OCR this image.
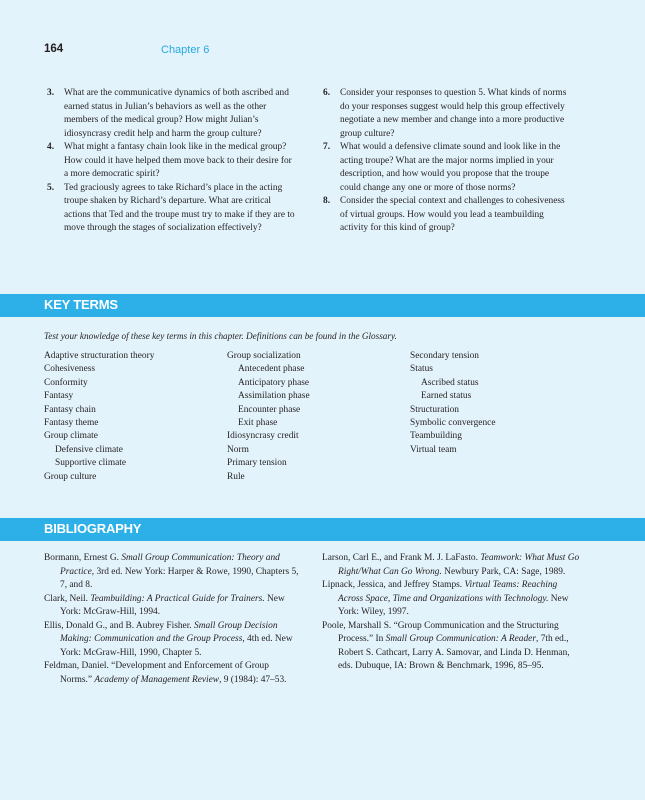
164	Chapter 6
3.	What are the communicative dynamics of both ascribed and earned status in Julian’s behaviors as well as the other members of the medical group? How might Julian’s idiosyncrasy credit help and harm the group culture?
4.	What might a fantasy chain look like in the medical group? How could it have helped them move back to their desire for a more democratic spirit?
5.	Ted graciously agrees to take Richard’s place in the acting troupe shaken by Richard’s departure. What are critical actions that Ted and the troupe must try to make if they are to move through the stages of socialization effectively?
6.	Consider your responses to question 5. What kinds of norms do your responses suggest would help this group effectively negotiate a new member and change into a more productive group culture?
7.	What would a defensive climate sound and look like in the acting troupe? What are the major norms implied in your description, and how would you propose that the troupe could change any one or more of those norms?
8.	Consider the special context and challenges to cohesiveness of virtual groups. How would you lead a teambuilding activity for this kind of group?
KEY TERMS
Test your knowledge of these key terms in this chapter. Definitions can be found in the Glossary.
Adaptive structuration theory
Cohesiveness
Conformity
Fantasy
Fantasy chain
Fantasy theme
Group climate
Defensive climate
Supportive climate
Group culture
Group socialization
Antecedent phase
Anticipatory phase
Assimilation phase
Encounter phase
Exit phase
Idiosyncrasy credit
Norm
Primary tension
Rule
Secondary tension
Status
Ascribed status
Earned status
Structuration
Symbolic convergence
Teambuilding
Virtual team
BIBLIOGRAPHY

Bormann, Ernest G. Small Group Communication: Theory and Practice, 3rd ed. New York: Harper & Rowe, 1990, Chapters 5, 7, and 8.

Clark, Neil. Teambuilding: A Practical Guide for Trainers. New York: McGraw-Hill, 1994.

Ellis, Donald G., and B. Aubrey Fisher. Small Group Decision Making: Communication and the Group Process, 4th ed. New York: McGraw-Hill, 1990, Chapter 5.

Feldman, Daniel. “Development and Enforcement of Group Norms.” Academy of Management Review, 9 (1984): 47–53.

Larson, Carl E., and Frank M. J. LaFasto. Teamwork: What Must Go Right/What Can Go Wrong. Newbury Park, CA: Sage, 1989.

Lipnack, Jessica, and Jeffrey Stamps. Virtual Teams: Reaching Across Space, Time and Organizations with Technology. New York: Wiley, 1997.

Poole, Marshall S. “Group Communication and the Structuring Process.” In Small Group Communication: A Reader, 7th ed., Robert S. Cathcart, Larry A. Samovar, and Linda D. Henman, eds. Dubuque, IA: Brown & Benchmark, 1996, 85–95.
